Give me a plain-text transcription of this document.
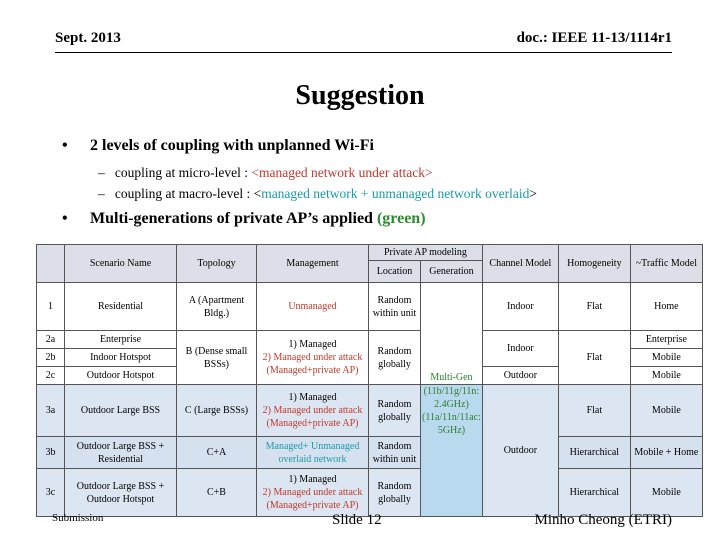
Sept. 2013	doc.: IEEE 11-13/1114r1
Suggestion
• 2 levels of coupling with unplanned Wi-Fi
– coupling at micro-level : <managed network under attack>
– coupling at macro-level : <managed network + unmanaged network overlaid>
• Multi-generations of private AP’s applied (green)
	Scenario Name	Topology	Management	Private AP modeling		Channel Model	Homogeneity	~Traffic Model
				Location	Generation			
1	Residential	A (Apartment Bldg.)	Unmanaged	Random within unit	Multi-Gen	Indoor	Flat	Home
2a	Enterprise	B (Dense small BSSs)	1) Managed
2) Managed under attack
(Managed+private AP)	Random globally		Indoor	Flat	Enterprise
2b	Indoor Hotspot							Mobile
2c	Outdoor Hotspot					Outdoor		Mobile
3a	Outdoor Large BSS	C (Large BSSs)	1) Managed
2) Managed under attack
(Managed+private AP)	Random globally	(11b/11g/11n: 2.4GHz) (11a/11n/11ac: 5GHz)	Outdoor	Flat	Mobile
3b	Outdoor Large BSS + Residential	C+A	Managed+ Unmanaged overlaid network	Random within unit			Hierarchical	Mobile + Home
3c	Outdoor Large BSS + Outdoor Hotspot	C+B	1) Managed
2) Managed under attack
(Managed+private AP)	Random globally			Hierarchical	Mobile
Submission	Slide 12	Minho Cheong (ETRI)
